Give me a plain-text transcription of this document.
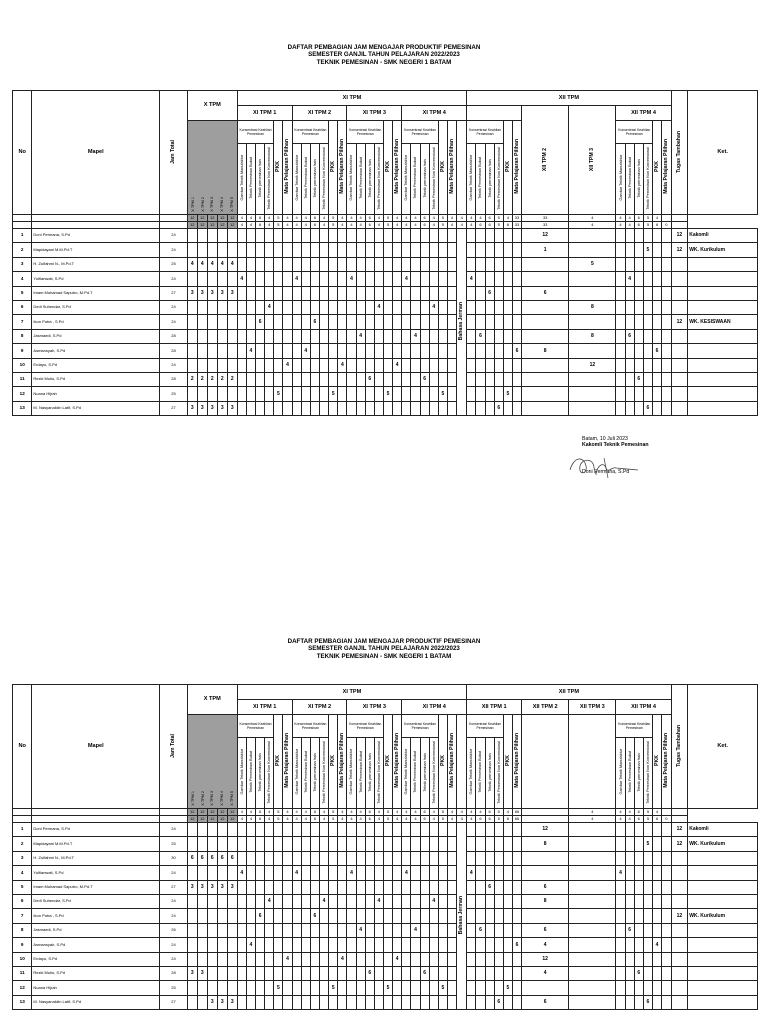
DAFTAR PEMBAGIAN JAM MENGAJAR PRODUKTIF PEMESINAN
SEMESTER GANJIL TAHUN PELAJARAN 2022/2023
TEKNIK PEMESINAN - SMK NEGERI 1 BATAM
No	Mapel	Jam Total	X TPM					XI TPM																									XII TPM														Tugas Tambahan	Ket.
								XI TPM 1						XI TPM 2						XI TPM 3						XI TPM 4													XII TPM 2	XII TPM 3	XII TPM 4							

			X TPM 1 X TPM 2 X TPM 3 X TPM 4 X TPM 5					Konsentrasi Keahlian Pemesinan				PKK	Mata Pelajaran Pilihan	Konsentrasi Keahlian Pemesinan				PKK	Mata Pelajaran Pilihan	Konsentrasi Keahlian Pemesinan				PKK	Mata Pelajaran Pilihan	Konsentrasi Keahlian Pemesinan				PKK	Mata Pelajaran Pilihan		Konsentrasi Keahlian Pemesinan				PKK	Mata Pelajaran Pilihan			Konsentrasi Keahlian Pemesinan				PKK	Mata Pelajaran Pilihan		
								Gambar Teknik Manufaktur	Teknik Pemesinan Bubut	Teknik pemesinan frais	Teknik Pemesinan Non Konvensional			Gambar Teknik Manufaktur	Teknik Pemesinan Bubut	Teknik pemesinan frais	Teknik Pemesinan Non Konvensional			Gambar Teknik Manufaktur	Teknik Pemesinan Bubut	Teknik pemesinan frais	Teknik Pemesinan Non Konvensional			Gambar Teknik Manufaktur	Teknik Pemesinan Bubut	Teknik pemesinan frais	Teknik Pemesinan Non Konvensional				Gambar Teknik Manufaktur	Teknik Pemesinan Bubut	Teknik pemesinan frais	Teknik Pemesinan Non Konvensional					Gambar Teknik Manufaktur	Teknik Pemesinan Bubut	Teknik pemesinan frais	Teknik Pemesinan Non Konvensional				
			12	12	12	12	12	4	4	6	4	5	4	4	4	6	4	5	4	4	4	6	4	5	4	4	4	6	4	5	4	4	4	4	6	5	4	33	33	4	4	4	6	5	4			
			12	12	12	12	12	4	4	6	4	5	4	4	4	6	4	5	4	4	4	6	4	5	4	4	4	6	4	5	4	4	4	6	6	5	6	33	33	4	4	4	6	5	6	0		
1	Doni Permana, S.Pd	24																														Bahasa Jerman							12								12	Kakomli
2	Mapidayani M.M.Pd.T	24																																					1					5			12	WK. Kurikulum
3	H. Zulfahmi N., M.Pd.T	25	4	4	4	4	4																																	5								
4	Yulfianwati, S.Pd	24						4						4						4						4							4									4						
5	Imam Muhamad Saputro, M.Pd.T	27	3	3	3	3	3																												6				6									
6	Dedi Suhendar, S.Pd	24									4												4						4											8								
7	Ikon Putra , S.Pd	24								6						6																															12	WK. KESISWAAN
8	Jasmaedi, S.Pd	28																			4						4							6						8		6						
9	Asmansyah, S.Pd	28							4						4																							6	8						6			
10	Erdayu, S.Pd	24											4						4						4															12								
11	Rezki Mulio, S.Pd	28	2	2	2	2	2															6						6															6					
12	Nuana Hijrah	25										5						5						5						5							5											
13	M. Nasyaruddin Latif, S.Pd	27	3	3	3	3	3																													6								6				
Batam, 10 Juli 2023
Kakomli Teknik Pemesinan
Doni Permana, S.Pd
DAFTAR PEMBAGIAN JAM MENGAJAR PRODUKTIF PEMESINAN
SEMESTER GANJIL TAHUN PELAJARAN 2022/2023
TEKNIK PEMESINAN - SMK NEGERI 1 BATAM
No	Mapel	Jam Total	X TPM					XI TPM																									XII TPM														Tugas Tambahan	Ket.
								XI TPM 1						XI TPM 2						XI TPM 3						XI TPM 4							XII TPM 1						XII TPM 2	XII TPM 3	XII TPM 4							

			X TPM 1 X TPM 2 X TPM 3 X TPM 4 X TPM 5					Konsentrasi Keahlian Pemesinan				PKK	Mata Pelajaran Pilihan	Konsentrasi Keahlian Pemesinan				PKK	Mata Pelajaran Pilihan	Konsentrasi Keahlian Pemesinan				PKK	Mata Pelajaran Pilihan	Konsentrasi Keahlian Pemesinan				PKK	Mata Pelajaran Pilihan		Konsentrasi Keahlian Pemesinan				PKK	Mata Pelajaran Pilihan			Konsentrasi Keahlian Pemesinan				PKK	Mata Pelajaran Pilihan		
								Gambar Teknik Manufaktur	Teknik Pemesinan Bubut	Teknik pemesinan frais	Teknik Pemesinan Non Konvensional			Gambar Teknik Manufaktur	Teknik Pemesinan Bubut	Teknik pemesinan frais	Teknik Pemesinan Non Konvensional			Gambar Teknik Manufaktur	Teknik Pemesinan Bubut	Teknik pemesinan frais	Teknik Pemesinan Non Konvensional			Gambar Teknik Manufaktur	Teknik Pemesinan Bubut	Teknik pemesinan frais	Teknik Pemesinan Non Konvensional				Gambar Teknik Manufaktur	Teknik Pemesinan Bubut	Teknik pemesinan frais	Teknik Pemesinan Non Konvensional					Gambar Teknik Manufaktur	Teknik Pemesinan Bubut	Teknik pemesinan frais	Teknik Pemesinan Non Konvensional				
			12	12	12	12	12	4	4	6	4	5	4	4	4	6	4	5	4	4	4	6	4	5	4	4	4	6	4	5	4	4	4	4	6	5	4	66		4	4	4	6	5	4			
			12	12	12	12	12	4	4	6	4	5	4	4	4	6	4	5	4	4	4	6	4	5	4	4	4	6	4	5	4	4	4	6	6	5	6	66		4	4	4	6	5	6	0		
1	Doni Permana, S.Pd	24																														Bahasa Jerman							12								12	Kakomli
2	Mapidayani M.M.Pd.T	25																																					8					5			12	WK. Kurikulum
3	H. Zulfahmi N., M.Pd.T	30	6	6	6	6	6																																									
4	Yulfianwati, S.Pd	24						4						4						4						4							4								4							
5	Imam Muhamad Saputro, M.Pd.T	27	3	3	3	3	3																												6				6									
6	Dedi Suhendar, S.Pd	24									4						4						4						4										8									
7	Ikon Putra , S.Pd	24								6						6																															12	WK. Kurikulum
8	Jasmaedi, S.Pd	26																			4						4							6					6			6						
9	Asmansyah, S.Pd	24							4																													6	4						4			
10	Erdayu, S.Pd	24											4						4						4														12									
11	Rezki Mulio, S.Pd	28	3	3																		6						6											4				6					
12	Nuana Hijrah	25										5						5						5						5							5											
13	M. Nasyaruddin Latif, S.Pd	27			3	3	3																													6			6					6				
